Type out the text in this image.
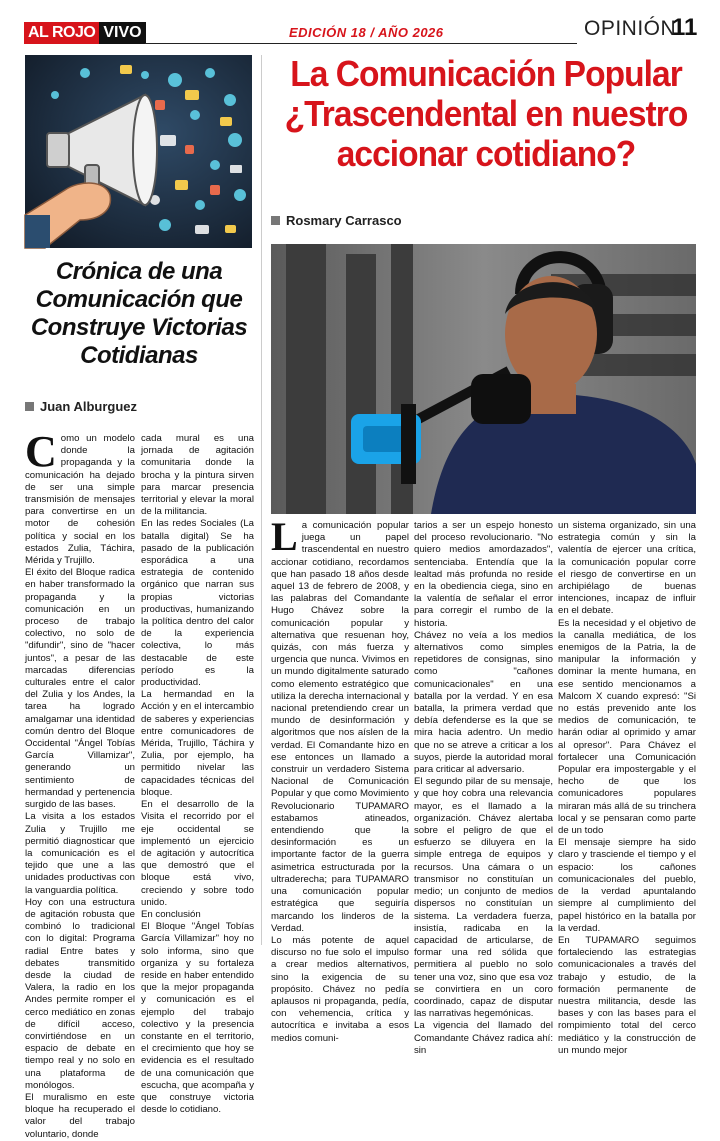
AL ROJO VIVO	EDICIÓN 18 / AÑO 2026	OPINIÓN
11
Crónica de una Comunicación que Construye Victorias Cotidianas
Juan Alburguez
C omo un modelo donde la propaganda y la comunicación ha dejado de ser una simple transmisión de mensajes para convertirse en un motor de cohesión política y social en los estados Zulia, Táchira, Mérida y Trujillo.

El éxito del Bloque radica en haber transformado la propaganda y la comunicación en un proceso de trabajo colectivo, no solo de "difundir", sino de "hacer juntos", a pesar de las marcadas diferencias culturales entre el calor del Zulia y los Andes, la tarea ha logrado amalgamar una identidad común dentro del Bloque Occidental "Ángel Tobías García Villamizar", generando un sentimiento de hermandad y pertenencia surgido de las bases.

La visita a los estados Zulia y Trujillo me permitió diagnosticar que la comunicación es el tejido que une a las unidades productivas con la vanguardia política.

Hoy con una estructura de agitación robusta que combinó lo tradicional con lo digital: Programa radial Entre bates y debates transmitido desde la ciudad de Valera, la radio en los Andes permite romper el cerco mediático en zonas de difícil acceso, convirtiéndose en un espacio de debate en tiempo real y no solo en una plataforma de monólogos.

El muralismo en este bloque ha recuperado el valor del trabajo voluntario, donde

cada mural es una jornada de agitación comunitaria donde la brocha y la pintura sirven para marcar presencia territorial y elevar la moral de la militancia.

En las redes Sociales (La batalla digital) Se ha pasado de la publicación esporádica a una estrategia de contenido orgánico que narran sus propias victorias productivas, humanizando la política dentro del calor de la experiencia colectiva, lo más destacable de este período es la productividad.

La hermandad en la Acción y en el intercambio de saberes y experiencias entre comunicadores de Mérida, Trujillo, Táchira y Zulia, por ejemplo, ha permitido nivelar las capacidades técnicas del bloque.

En el desarrollo de la Visita el recorrido por el eje occidental se implementó un ejercicio de agitación y autocrítica que demostró que el bloque está vivo, creciendo y sobre todo unido.

En conclusión

El Bloque "Ángel Tobías García Villamizar" hoy no solo informa, sino que organiza y su fortaleza reside en haber entendido que la mejor propaganda y comunicación es el ejemplo del trabajo colectivo y la presencia constante en el territorio, el crecimiento que hoy se evidencia es el resultado de una comunicación que escucha, que acompaña y que construye victoria desde lo cotidiano.

La Comunicación Popular ¿Trascendental en nuestro accionar cotidiano?
Rosmary Carrasco
L a comunicación popular juega un papel trascendental en nuestro accionar cotidiano, recordamos que han pasado 18 años desde aquel 13 de febrero de 2008, y las palabras del Comandante Hugo Chávez sobre la comunicación popular y alternativa que resuenan hoy, quizás, con más fuerza y urgencia que nunca. Vivimos en un mundo digitalmente saturado como elemento estratégico que utiliza la derecha internacional y nacional pretendiendo crear un mundo de desinformación y algoritmos que nos aíslen de la verdad. El Comandante hizo en ese entonces un llamado a construir un verdadero Sistema Nacional de Comunicación Popular y que como Movimiento Revolucionario TUPAMARO estabamos atineados, entendiendo que la desinformación es un importante factor de la guerra asimetrica estructurada por la ultraderecha; para TUPAMARO una comunicación popular estratégica que seguiría marcando los linderos de la Verdad.

Lo más potente de aquel discurso no fue solo el impulso a crear medios alternativos, sino la exigencia de su propósito. Chávez no pedía aplausos ni propaganda, pedía, con vehemencia, crítica y autocrítica e invitaba a esos medios comuni-

tarios a ser un espejo honesto del proceso revolucionario. "No quiero medios amordazados", sentenciaba. Entendía que la lealtad más profunda no reside en la obediencia ciega, sino en la valentía de señalar el error para corregir el rumbo de la historia.

Chávez no veía a los medios alternativos como simples repetidores de consignas, sino como "cañones comunicacionales" en una batalla por la verdad. Y en esa batalla, la primera verdad que debía defenderse es la que se mira hacia adentro. Un medio que no se atreve a criticar a los suyos, pierde la autoridad moral para criticar al adversario.

El segundo pilar de su mensaje, y que hoy cobra una relevancia mayor, es el llamado a la organización. Chávez alertaba sobre el peligro de que el esfuerzo se diluyera en la simple entrega de equipos y recursos. Una cámara o un transmisor no constituían un medio; un conjunto de medios dispersos no constituían un sistema. La verdadera fuerza, insistía, radicaba en la capacidad de articularse, de formar una red sólida que permitiera al pueblo no solo tener una voz, sino que esa voz se convirtiera en un coro coordinado, capaz de disputar las narrativas hegemónicas.

La vigencia del llamado del Comandante Chávez radica ahí: sin

un sistema organizado, sin una estrategia común y sin la valentía de ejercer una crítica, la comunicación popular corre el riesgo de convertirse en un archipiélago de buenas intenciones, incapaz de influir en el debate.

Es la necesidad y el objetivo de la canalla mediática, de los enemigos de la Patria, la de manipular la información y dominar la mente humana, en ese sentido mencionamos a Malcom X cuando expresó: "Si no estás prevenido ante los medios de comunicación, te harán odiar al oprimido y amar al opresor". Para Chávez el fortalecer una Comunicación Popular era impostergable y el hecho de que los comunicadores populares miraran más allá de su trinchera local y se pensaran como parte de un todo

El mensaje siempre ha sido claro y trasciende el tiempo y el espacio: los cañones comunicacionales del pueblo, de la verdad apuntalando siempre al cumplimiento del papel histórico en la batalla por la verdad.

En TUPAMARO seguimos fortaleciendo las estrategias comunicacionales a través del trabajo y estudio, de la formación permanente de nuestra militancia, desde las bases y con las bases para el rompimiento total del cerco mediático y la construcción de un mundo mejor
